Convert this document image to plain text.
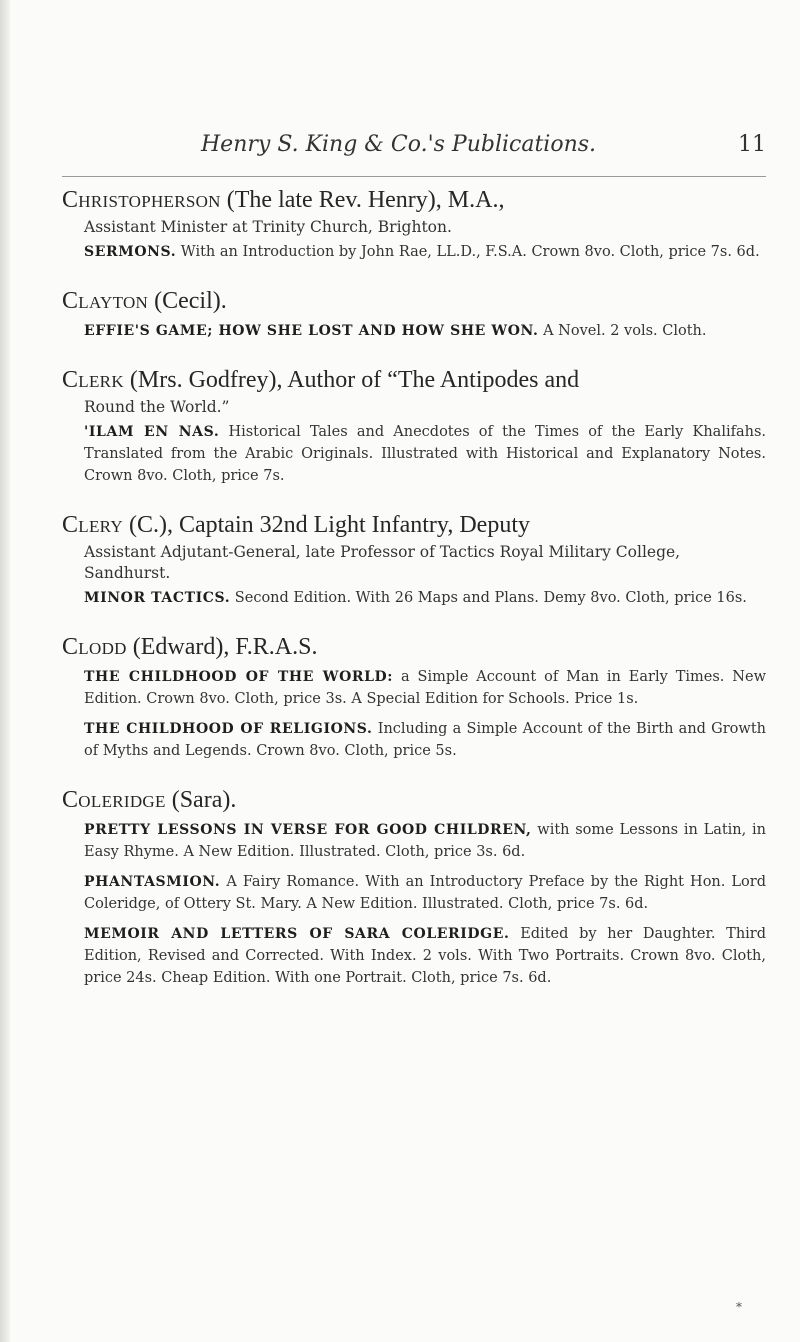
Henry S. King & Co.'s Publications.	11

Christopherson (The late Rev. Henry), M.A.,

Assistant Minister at Trinity Church, Brighton.

SERMONS. With an Introduction by John Rae, LL.D., F.S.A. Crown 8vo. Cloth, price 7s. 6d.

Clayton (Cecil).

EFFIE'S GAME; HOW SHE LOST AND HOW SHE WON. A Novel. 2 vols. Cloth.

Clerk (Mrs. Godfrey), Author of “The Antipodes and

Round the World.”

'ILAM EN NAS. Historical Tales and Anecdotes of the Times of the Early Khalifahs. Translated from the Arabic Originals. Illustrated with Historical and Explanatory Notes. Crown 8vo. Cloth, price 7s.

Clery (C.), Captain 32nd Light Infantry, Deputy

Assistant Adjutant-General, late Professor of Tactics Royal Military College, Sandhurst.

MINOR TACTICS. Second Edition. With 26 Maps and Plans. Demy 8vo. Cloth, price 16s.

Clodd (Edward), F.R.A.S.

THE CHILDHOOD OF THE WORLD: a Simple Account of Man in Early Times. New Edition. Crown 8vo. Cloth, price 3s. A Special Edition for Schools. Price 1s.

THE CHILDHOOD OF RELIGIONS. Including a Simple Account of the Birth and Growth of Myths and Legends. Crown 8vo. Cloth, price 5s.

Coleridge (Sara).

PRETTY LESSONS IN VERSE FOR GOOD CHILDREN, with some Lessons in Latin, in Easy Rhyme. A New Edition. Illustrated. Cloth, price 3s. 6d.

PHANTASMION. A Fairy Romance. With an Introductory Preface by the Right Hon. Lord Coleridge, of Ottery St. Mary. A New Edition. Illustrated. Cloth, price 7s. 6d.

MEMOIR AND LETTERS OF SARA COLERIDGE. Edited by her Daughter. Third Edition, Revised and Corrected. With Index. 2 vols. With Two Portraits. Crown 8vo. Cloth, price 24s. Cheap Edition. With one Portrait. Cloth, price 7s. 6d.

*
